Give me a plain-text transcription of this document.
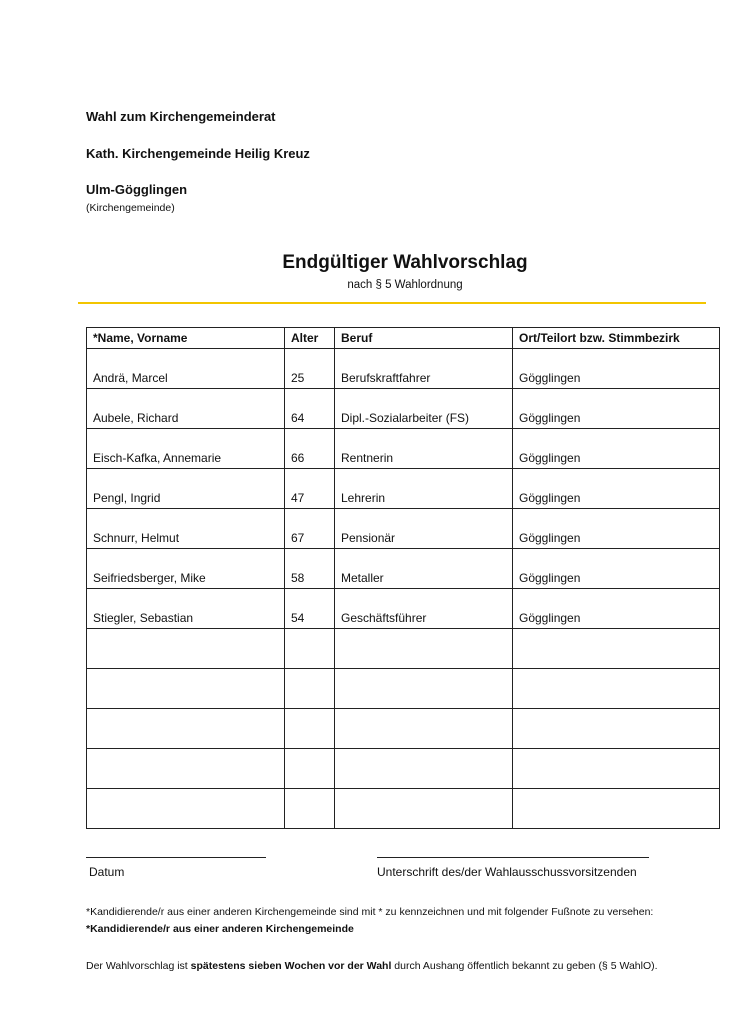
Wahl zum Kirchengemeinderat
Kath. Kirchengemeinde Heilig Kreuz
Ulm-Gögglingen
(Kirchengemeinde)
Endgültiger Wahlvorschlag
nach § 5 Wahlordnung
*Name, Vorname	Alter	Beruf	Ort/Teilort bzw. Stimmbezirk
Andrä, Marcel	25	Berufskraftfahrer	Gögglingen
Aubele, Richard	64	Dipl.-Sozialarbeiter (FS)	Gögglingen
Eisch-Kafka, Annemarie	66	Rentnerin	Gögglingen
Pengl, Ingrid	47	Lehrerin	Gögglingen
Schnurr, Helmut	67	Pensionär	Gögglingen
Seifriedsberger, Mike	58	Metaller	Gögglingen
Stiegler, Sebastian	54	Geschäftsführer	Gögglingen

Datum	Unterschrift des/der Wahlausschussvorsitzenden
*Kandidierende/r aus einer anderen Kirchengemeinde sind mit * zu kennzeichnen und mit folgender Fußnote zu versehen:
*Kandidierende/r aus einer anderen Kirchengemeinde
Der Wahlvorschlag ist spätestens sieben Wochen vor der Wahl durch Aushang öffentlich bekannt zu geben (§ 5 WahlO).
